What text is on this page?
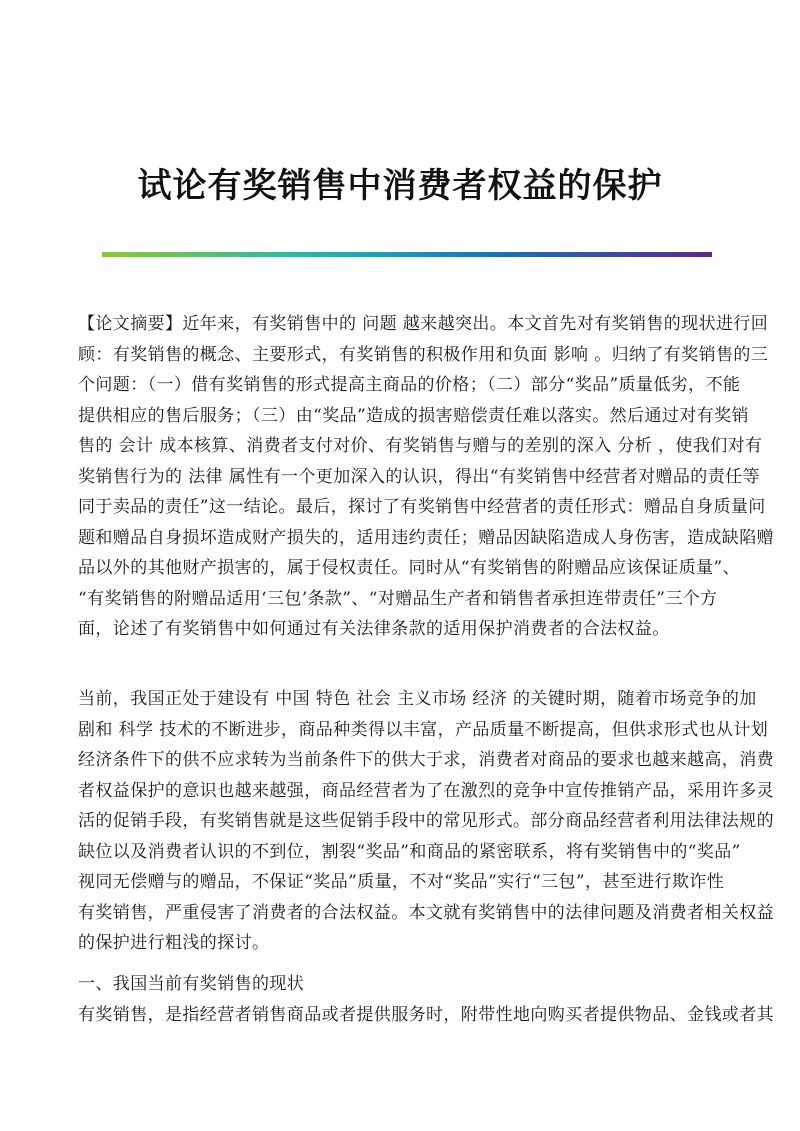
试论有奖销售中消费者权益的保护

【论文摘要】近年来，有奖销售中的 问题 越来越突出。本文首先对有奖销售的现状进行回
顾：有奖销售的概念、主要形式，有奖销售的积极作用和负面 影响 。归纳了有奖销售的三
个问题：（一）借有奖销售的形式提高主商品的价格；（二）部分“奖品”质量低劣，不能
提供相应的售后服务；（三）由“奖品”造成的损害赔偿责任难以落实。然后通过对有奖销
售的 会计 成本核算、消费者支付对价、有奖销售与赠与的差别的深入 分析 ，使我们对有
奖销售行为的 法律 属性有一个更加深入的认识，得出“有奖销售中经营者对赠品的责任等
同于卖品的责任”这一结论。最后，探讨了有奖销售中经营者的责任形式：赠品自身质量问
题和赠品自身损坏造成财产损失的，适用违约责任；赠品因缺陷造成人身伤害，造成缺陷赠
品以外的其他财产损害的，属于侵权责任。同时从“有奖销售的附赠品应该保证质量”、
“有奖销售的附赠品适用‘三包’条款”、“对赠品生产者和销售者承担连带责任”三个方
面，论述了有奖销售中如何通过有关法律条款的适用保护消费者的合法权益。

当前，我国正处于建设有 中国 特色 社会 主义市场 经济 的关键时期，随着市场竞争的加
剧和 科学 技术的不断进步，商品种类得以丰富，产品质量不断提高，但供求形式也从计划
经济条件下的供不应求转为当前条件下的供大于求，消费者对商品的要求也越来越高，消费
者权益保护的意识也越来越强，商品经营者为了在激烈的竞争中宣传推销产品，采用许多灵
活的促销手段，有奖销售就是这些促销手段中的常见形式。部分商品经营者利用法律法规的
缺位以及消费者认识的不到位，割裂“奖品”和商品的紧密联系，将有奖销售中的“奖品”
视同无偿赠与的赠品，不保证“奖品”质量，不对“奖品”实行“三包”，甚至进行欺诈性
有奖销售，严重侵害了消费者的合法权益。本文就有奖销售中的法律问题及消费者相关权益
的保护进行粗浅的探讨。

一、我国当前有奖销售的现状

有奖销售，是指经营者销售商品或者提供服务时，附带性地向购买者提供物品、金钱或者其
